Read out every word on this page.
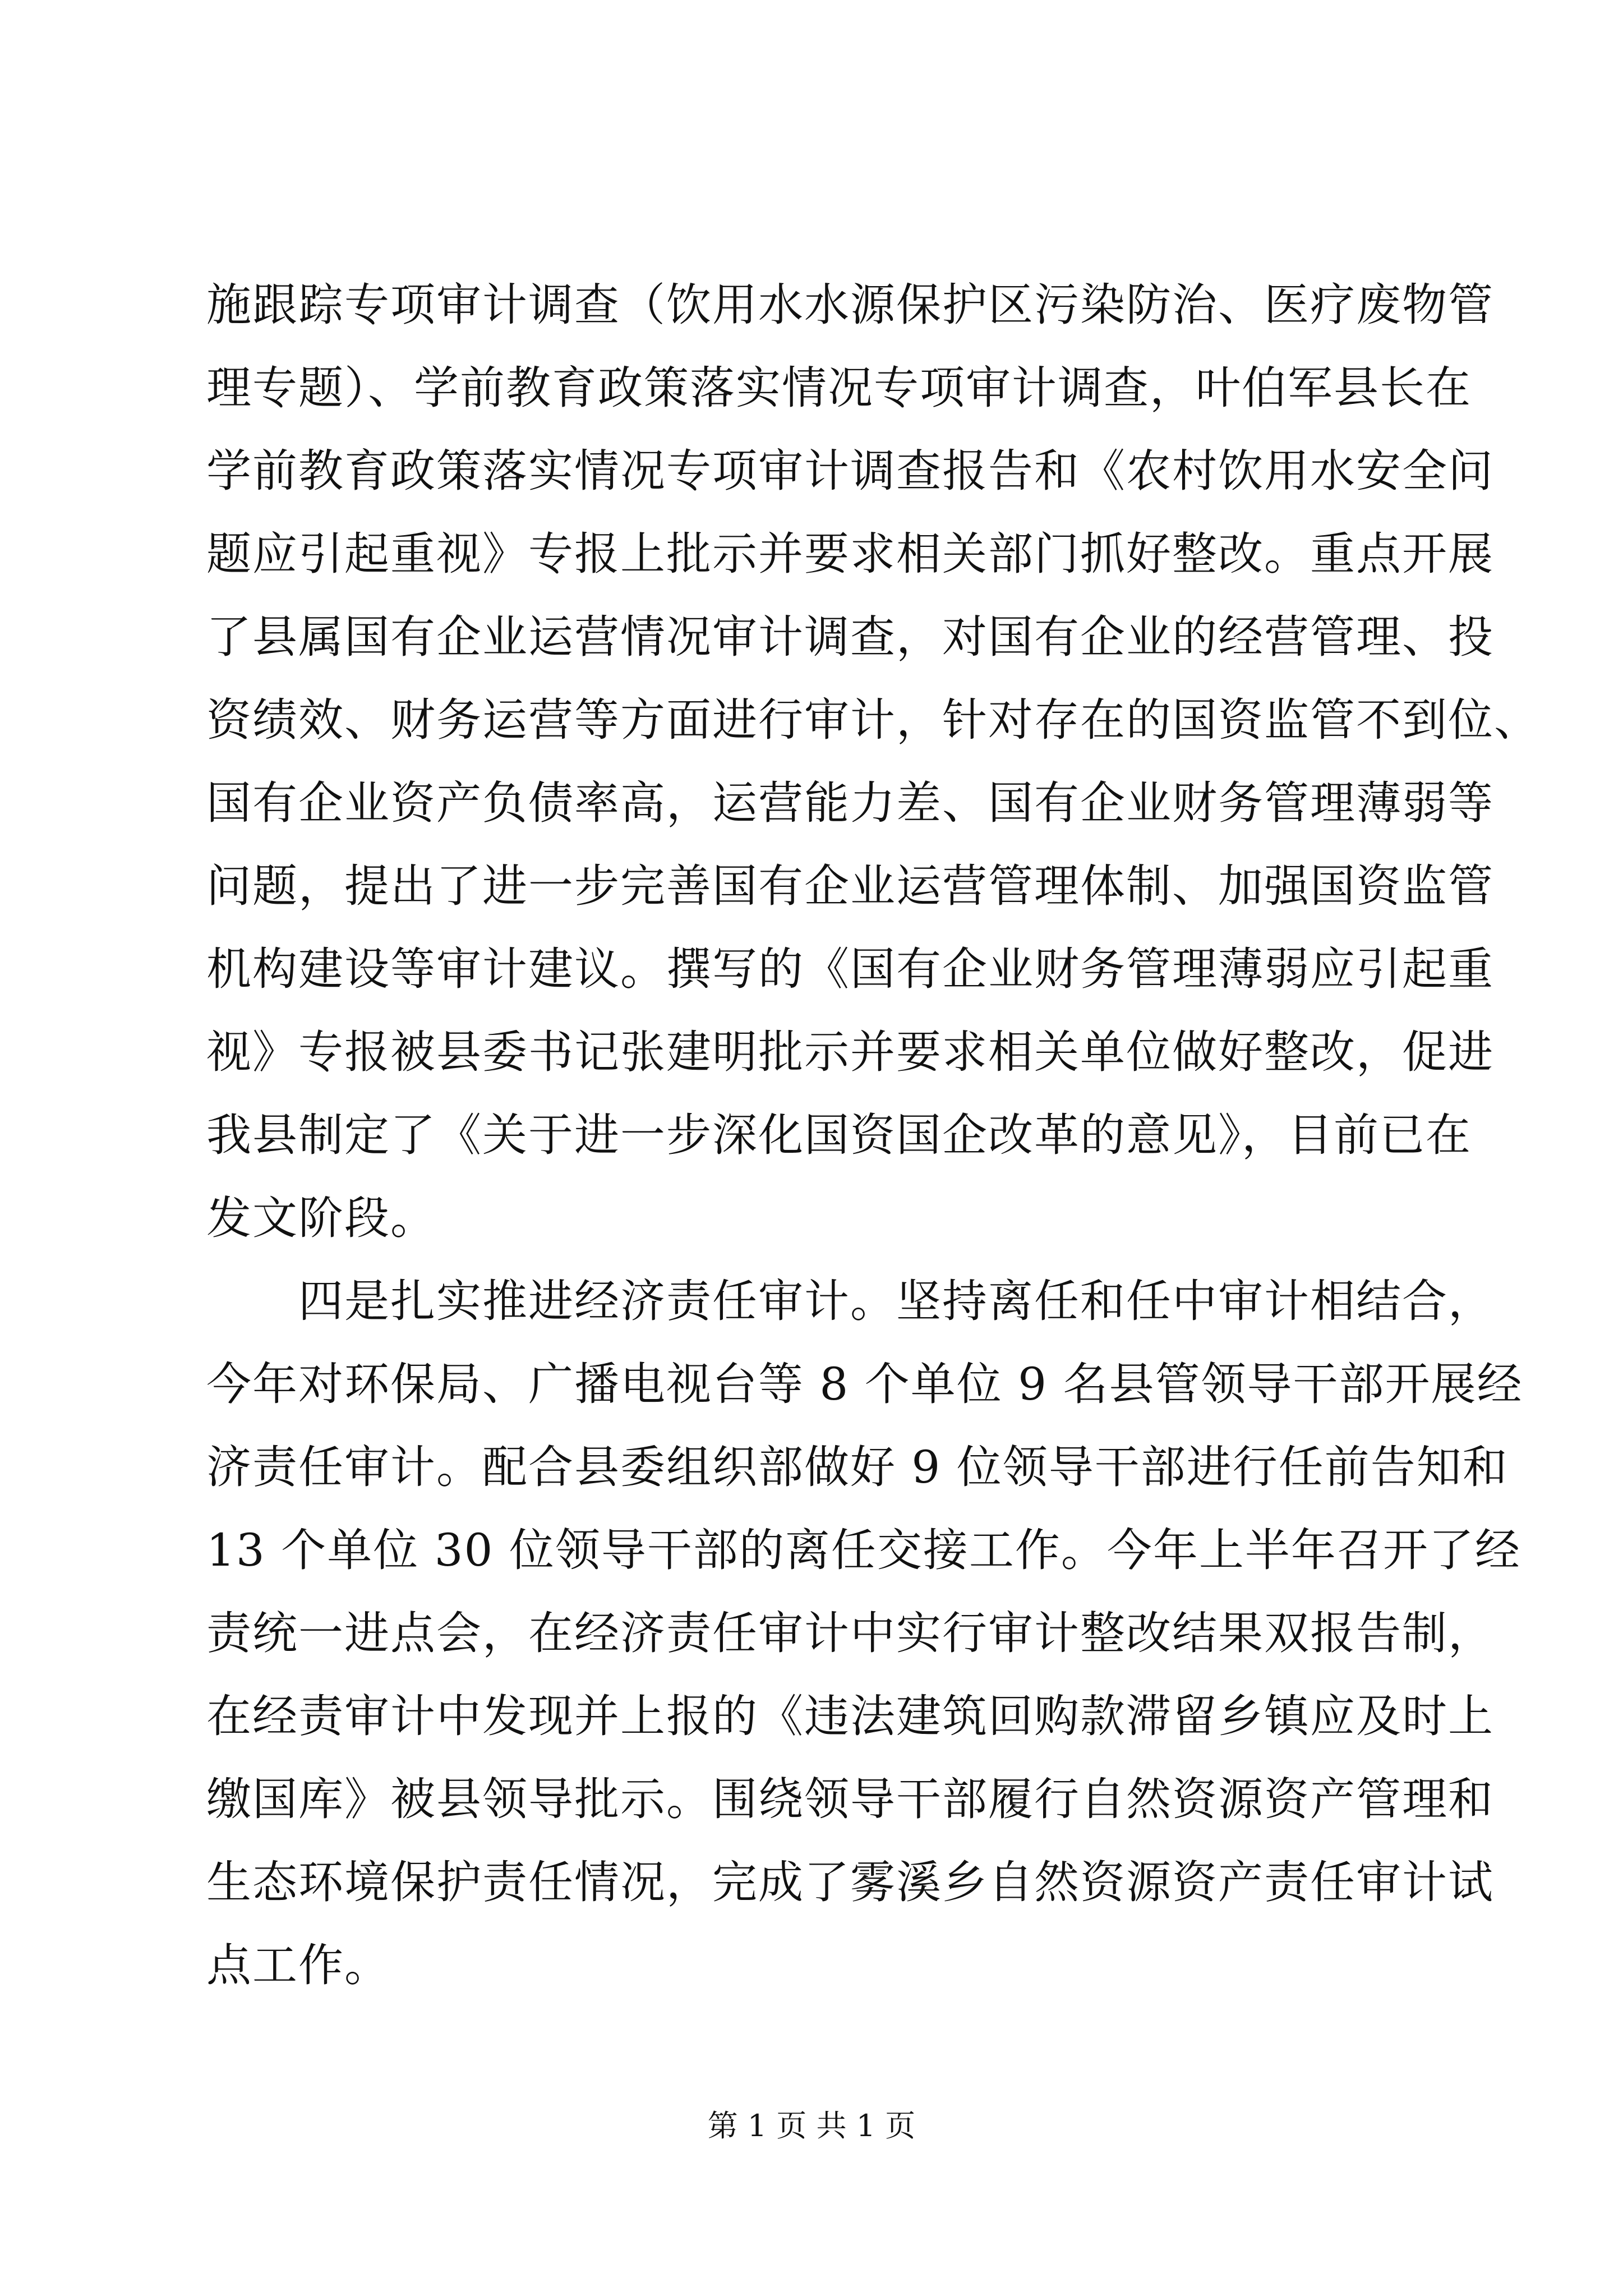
施跟踪专项审计调查（饮用水水源保护区污染防治、医疗废物管
理专题）、学前教育政策落实情况专项审计调查，叶伯军县长在
学前教育政策落实情况专项审计调查报告和《农村饮用水安全问
题应引起重视》专报上批示并要求相关部门抓好整改。重点开展
了县属国有企业运营情况审计调查，对国有企业的经营管理、投
资绩效、财务运营等方面进行审计，针对存在的国资监管不到位、
国有企业资产负债率高，运营能力差、国有企业财务管理薄弱等
问题，提出了进一步完善国有企业运营管理体制、加强国资监管
机构建设等审计建议。撰写的《国有企业财务管理薄弱应引起重
视》专报被县委书记张建明批示并要求相关单位做好整改，促进
我县制定了《关于进一步深化国资国企改革的意见》，目前已在
发文阶段。
　　四是扎实推进经济责任审计。坚持离任和任中审计相结合，
今年对环保局、广播电视台等 8 个单位 9 名县管领导干部开展经
济责任审计。配合县委组织部做好 9 位领导干部进行任前告知和
13 个单位 30 位领导干部的离任交接工作。今年上半年召开了经
责统一进点会，在经济责任审计中实行审计整改结果双报告制，
在经责审计中发现并上报的《违法建筑回购款滞留乡镇应及时上
缴国库》被县领导批示。围绕领导干部履行自然资源资产管理和
生态环境保护责任情况，完成了雾溪乡自然资源资产责任审计试
点工作。
第 1 页 共 1 页
